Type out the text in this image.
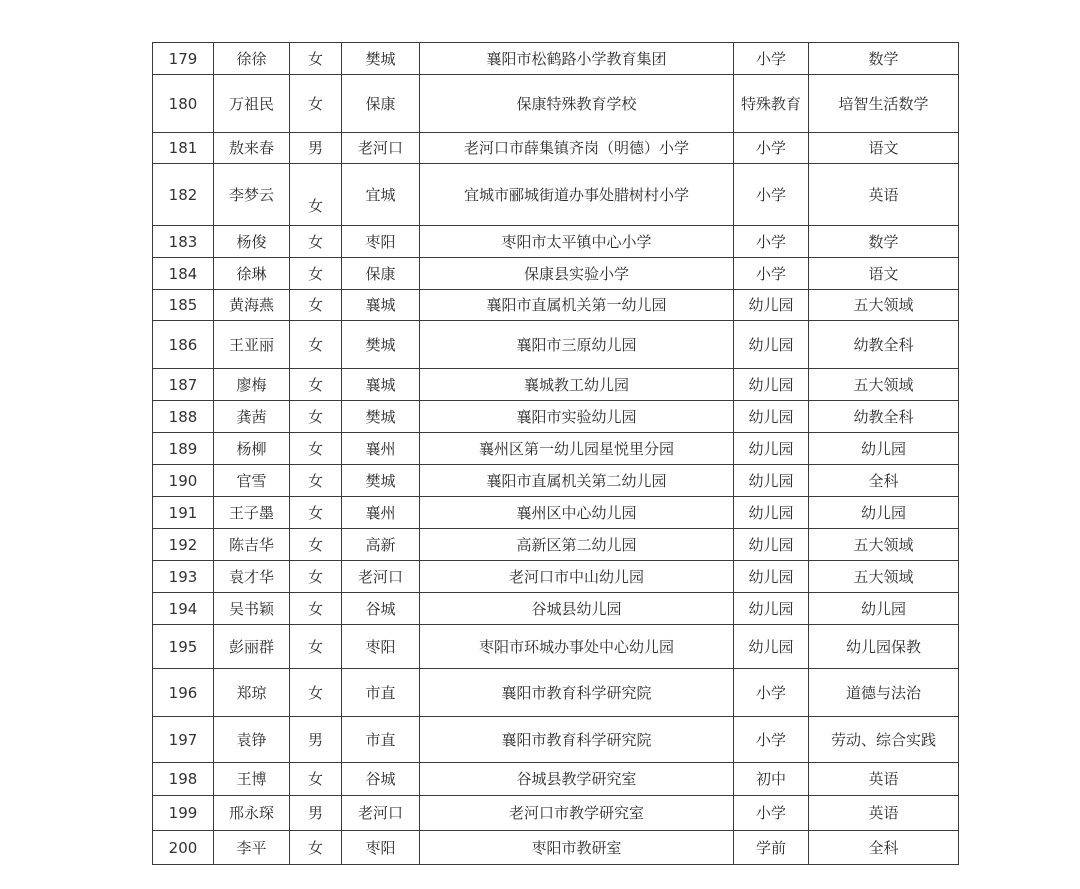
179	徐徐	女	樊城	襄阳市松鹤路小学教育集团	小学	数学
180	万祖民	女	保康	保康特殊教育学校	特殊教育	培智生活数学
181	敖来春	男	老河口	老河口市薛集镇齐岗（明德）小学	小学	语文
182	李梦云	女	宜城	宜城市郦城街道办事处腊树村小学	小学	英语
183	杨俊	女	枣阳	枣阳市太平镇中心小学	小学	数学
184	徐琳	女	保康	保康县实验小学	小学	语文
185	黄海燕	女	襄城	襄阳市直属机关第一幼儿园	幼儿园	五大领域
186	王亚丽	女	樊城	襄阳市三原幼儿园	幼儿园	幼教全科
187	廖梅	女	襄城	襄城教工幼儿园	幼儿园	五大领域
188	龚茜	女	樊城	襄阳市实验幼儿园	幼儿园	幼教全科
189	杨柳	女	襄州	襄州区第一幼儿园星悦里分园	幼儿园	幼儿园
190	官雪	女	樊城	襄阳市直属机关第二幼儿园	幼儿园	全科
191	王子墨	女	襄州	襄州区中心幼儿园	幼儿园	幼儿园
192	陈吉华	女	高新	高新区第二幼儿园	幼儿园	五大领域
193	袁才华	女	老河口	老河口市中山幼儿园	幼儿园	五大领域
194	吴书颖	女	谷城	谷城县幼儿园	幼儿园	幼儿园
195	彭丽群	女	枣阳	枣阳市环城办事处中心幼儿园	幼儿园	幼儿园保教
196	郑琼	女	市直	襄阳市教育科学研究院	小学	道德与法治
197	袁铮	男	市直	襄阳市教育科学研究院	小学	劳动、综合实践
198	王博	女	谷城	谷城县教学研究室	初中	英语
199	邢永琛	男	老河口	老河口市教学研究室	小学	英语
200	李平	女	枣阳	枣阳市教研室	学前	全科
